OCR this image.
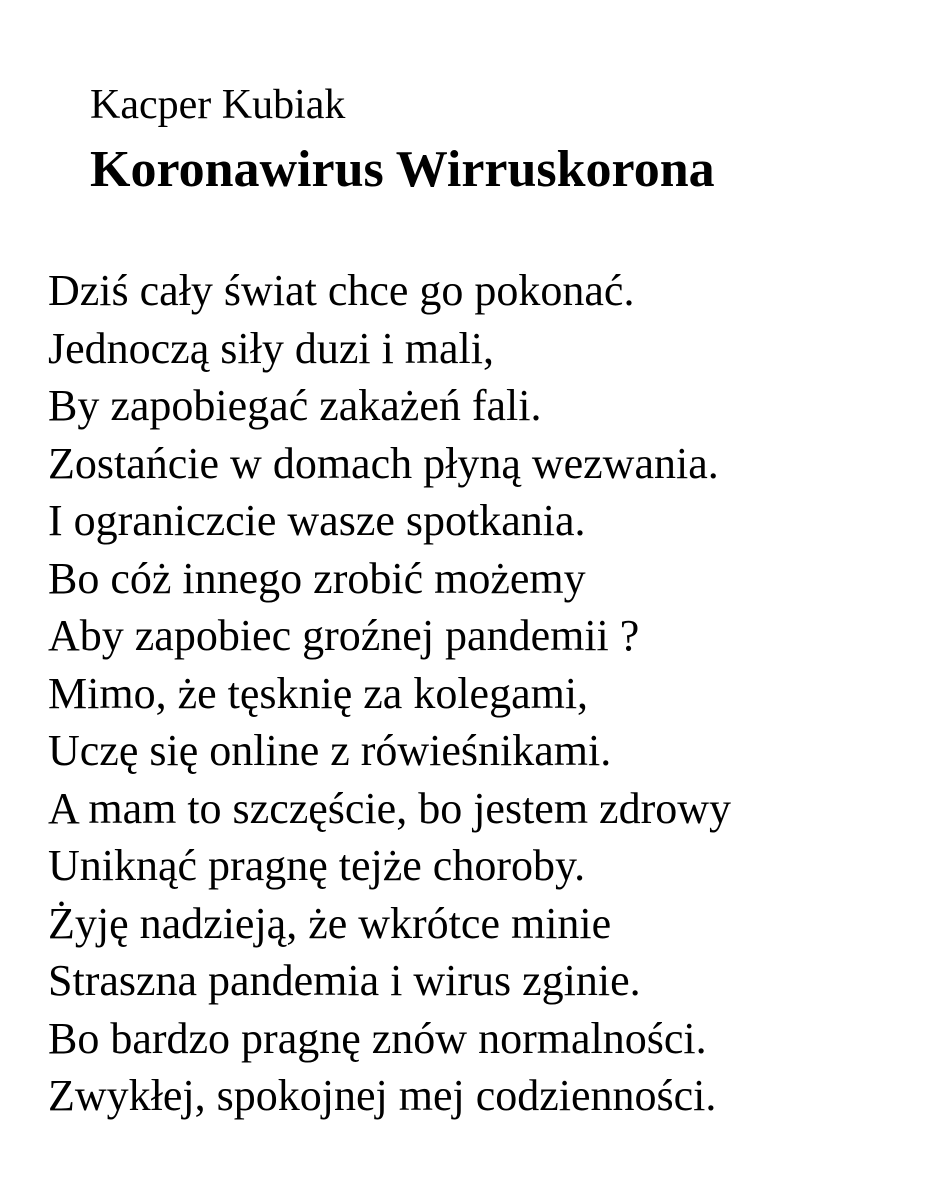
Kacper Kubiak
Koronawirus Wirruskorona
Dziś cały świat chce go pokonać.
Jednoczą siły duzi i mali,
By zapobiegać zakażeń fali.
Zostańcie w domach płyną wezwania.
I ograniczcie wasze spotkania.
Bo cóż innego zrobić możemy
Aby zapobiec groźnej pandemii ?
Mimo, że tęsknię za kolegami,
Uczę się online z rówieśnikami.
A mam to szczęście, bo jestem zdrowy
Uniknąć pragnę tejże choroby.
Żyję nadzieją, że wkrótce minie
Straszna pandemia i wirus zginie.
Bo bardzo pragnę znów normalności.
Zwykłej, spokojnej mej codzienności.
